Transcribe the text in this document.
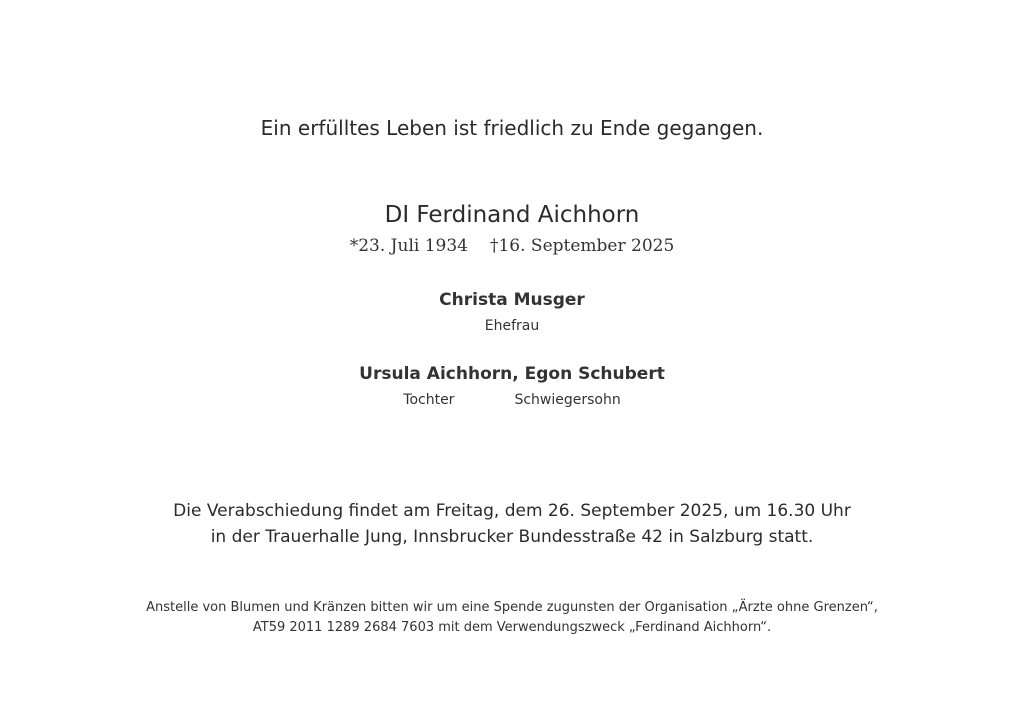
Ein erfülltes Leben ist friedlich zu Ende gegangen.
DI Ferdinand Aichhorn
*23. Juli 1934 †16. September 2025
Christa Musger
Ehefrau
Ursula Aichhorn, Egon Schubert
Tochter	Schwiegersohn
Die Verabschiedung findet am Freitag, dem 26. September 2025, um 16.30 Uhr
in der Trauerhalle Jung, Innsbrucker Bundesstraße 42 in Salzburg statt.
Anstelle von Blumen und Kränzen bitten wir um eine Spende zugunsten der Organisation „Ärzte ohne Grenzen“,
AT59 2011 1289 2684 7603 mit dem Verwendungszweck „Ferdinand Aichhorn“.
